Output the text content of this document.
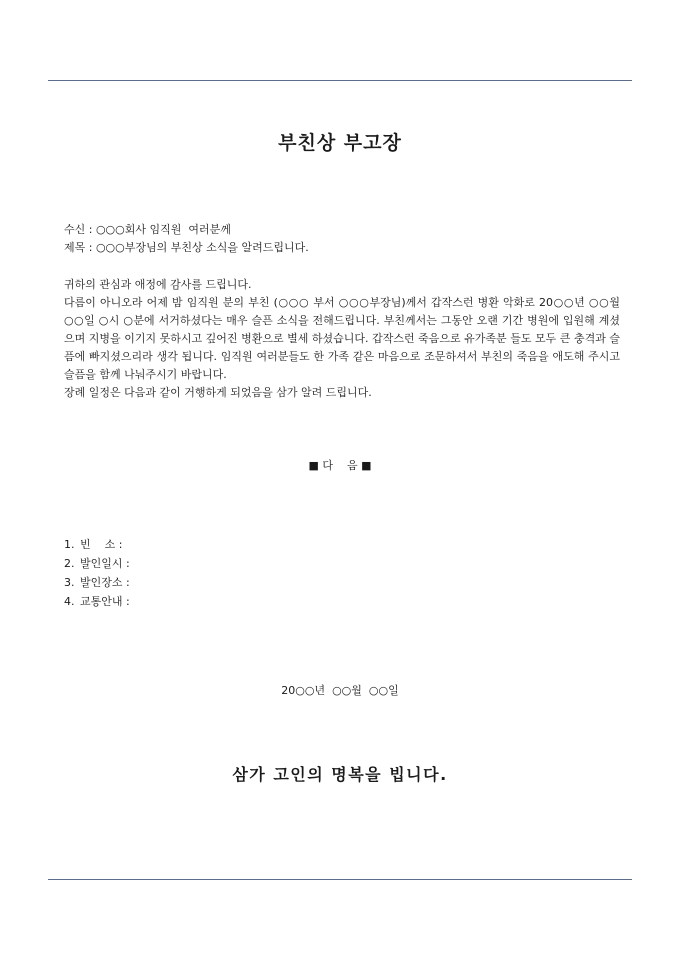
부친상 부고장
수신 : ○○○회사 임직원  여러분께
제목 : ○○○부장님의 부친상 소식을 알려드립니다.

귀하의 관심과 애정에 감사를 드립니다.

다름이 아니오라 어제 밤 임직원 분의 부친 (○○○ 부서 ○○○부장님)께서 갑작스런 병환 악화로 20○○년 ○○월 ○○일 ○시 ○분에 서거하셨다는 매우 슬픈 소식을 전해드립니다. 부친께서는 그동안 오랜 기간 병원에 입원해 계셨으며 지병을 이기지 못하시고 깊어진 병환으로 별세 하셨습니다. 갑작스런 죽음으로 유가족분 들도 모두 큰 충격과 슬픔에 빠지셨으리라 생각 됩니다. 임직원 여러분들도 한 가족 같은 마음으로 조문하셔서 부친의 죽음을 애도해 주시고 슬픔을 함께 나눠주시기 바랍니다.

장례 일정은 다음과 같이 거행하게 되었음을 삼가 알려 드립니다.

■ 다    음 ■
1. 빈    소 :
2. 발인일시 :
3. 발인장소 :
4. 교통안내 :
20○○년  ○○월  ○○일
삼가 고인의 명복을 빕니다.
